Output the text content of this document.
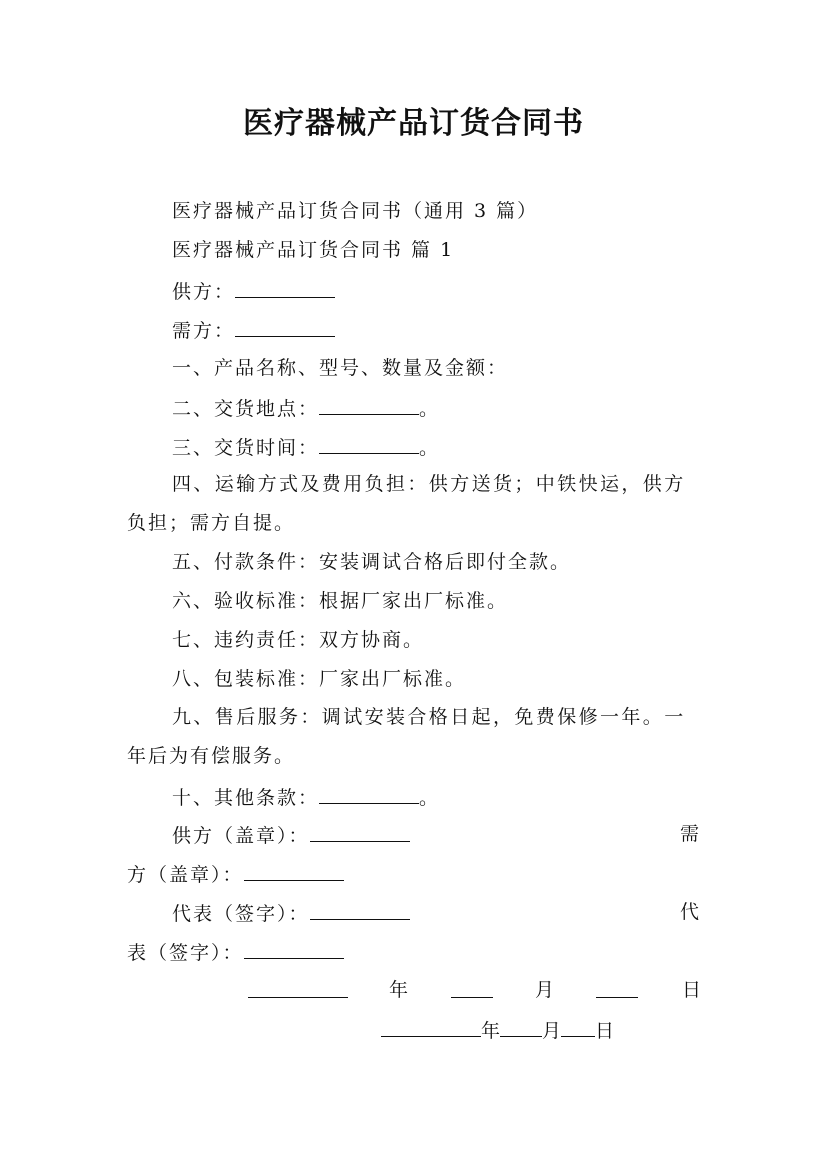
医疗器械产品订货合同书
医疗器械产品订货合同书（通用 3 篇）
医疗器械产品订货合同书 篇 1
供方：
需方：
一、产品名称、型号、数量及金额：
二、交货地点：	。
三、交货时间：	。
四、运输方式及费用负担：供方送货；中铁快运，供方
负担；需方自提。
五、付款条件：安装调试合格后即付全款。
六、验收标准：根据厂家出厂标准。
七、违约责任：双方协商。
八、包装标准：厂家出厂标准。
九、售后服务：调试安装合格日起，免费保修一年。一
年后为有偿服务。
十、其他条款：	。
供方（盖章）：	需
方（盖章）：
代表（签字）：	代
表（签字）：
年	月	日
年 月 日
